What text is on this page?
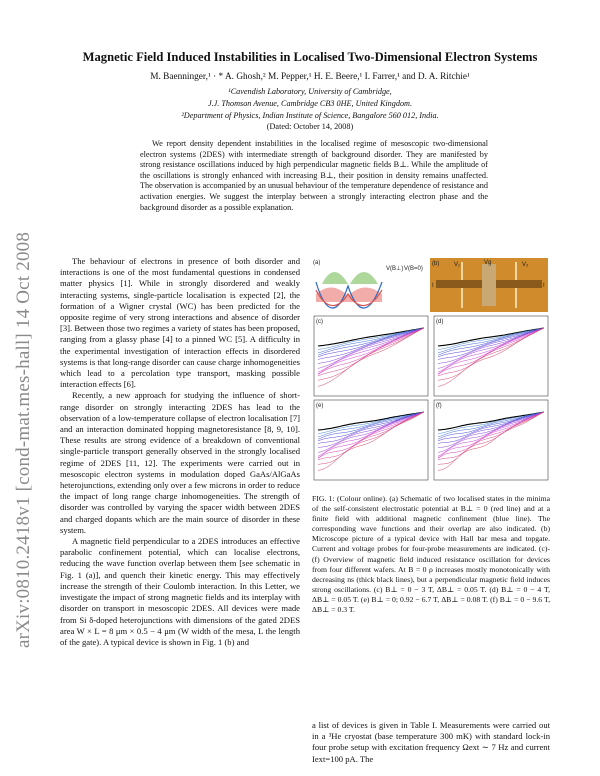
arXiv:0810.2418v1 [cond-mat.mes-hall] 14 Oct 2008
Magnetic Field Induced Instabilities in Localised Two-Dimensional Electron Systems
M. Baenninger,¹ · * A. Ghosh,² M. Pepper,¹ H. E. Beere,¹ I. Farrer,¹ and D. A. Ritchie¹
¹Cavendish Laboratory, University of Cambridge,
J.J. Thomson Avenue, Cambridge CB3 0HE, United Kingdom.
²Department of Physics, Indian Institute of Science, Bangalore 560 012, India.
(Dated: October 14, 2008)
We report density dependent instabilities in the localised regime of mesoscopic two-dimensional electron systems (2DES) with intermediate strength of background disorder. They are manifested by strong resistance oscillations induced by high perpendicular magnetic fields B⊥. While the amplitude of the oscillations is strongly enhanced with increasing B⊥, their position in density remains unaffected. The observation is accompanied by an unusual behaviour of the temperature dependence of resistance and activation energies. We suggest the interplay between a strongly interacting electron phase and the background disorder as a possible explanation.

The behaviour of electrons in presence of both disorder and interactions is one of the most fundamental questions in condensed matter physics [1]. While in strongly disordered and weakly interacting systems, single-particle localisation is expected [2], the formation of a Wigner crystal (WC) has been predicted for the opposite regime of very strong interactions and absence of disorder [3]. Between those two regimes a variety of states has been proposed, ranging from a glassy phase [4] to a pinned WC [5]. A difficulty in the experimental investigation of interaction effects in disordered systems is that long-range disorder can cause charge inhomogeneities which lead to a percolation type transport, masking possible interaction effects [6].

Recently, a new approach for studying the influence of short-range disorder on strongly interacting 2DES has lead to the observation of a low-temperature collapse of electron localisation [7] and an interaction dominated hopping magnetoresistance [8, 9, 10]. These results are strong evidence of a breakdown of conventional single-particle transport generally observed in the strongly localised regime of 2DES [11, 12]. The experiments were carried out in mesoscopic electron systems in modulation doped GaAs/AlGaAs heterojunctions, extending only over a few microns in order to reduce the impact of long range charge inhomogeneities. The strength of disorder was controlled by varying the spacer width between 2DES and charged dopants which are the main source of disorder in these system.

A magnetic field perpendicular to a 2DES introduces an effective parabolic confinement potential, which can localise electrons, reducing the wave function overlap between them [see schematic in Fig. 1 (a)], and quench their kinetic energy. This may effectively increase the strength of their Coulomb interaction. In this Letter, we investigate the impact of strong magnetic fields and its interplay with disorder on transport in mesoscopic 2DES. All devices were made from Si δ-doped heterojunctions with dimensions of the gated 2DES area W × L = 8 μm × 0.5 − 4 μm (W width of the mesa, L the length of the gate). A typical device is shown in Fig. 1 (b) and

(a)
V(B⊥) V(B=0)
(b) V₁	Vg	V₂
I	I
(c)	(d)
(e)	(f)
FIG. 1: (Colour online). (a) Schematic of two localised states in the minima of the self-consistent electrostatic potential at B⊥ = 0 (red line) and at a finite field with additional magnetic confinement (blue line). The corresponding wave functions and their overlap are also indicated. (b) Microscope picture of a typical device with Hall bar mesa and topgate. Current and voltage probes for four-probe measurements are indicated. (c)-(f) Overview of magnetic field induced resistance oscillation for devices from four different wafers. At B = 0 ρ increases mostly monotonically with decreasing ns (thick black lines), but a perpendicular magnetic field induces strong oscillations. (c) B⊥ = 0 − 3 T, ΔB⊥ = 0.05 T. (d) B⊥ = 0 − 4 T, ΔB⊥ = 0.05 T. (e) B⊥ = 0; 0.92 − 6.7 T, ΔB⊥ = 0.08 T. (f) B⊥ = 0 − 9.6 T, ΔB⊥ = 0.3 T.

a list of devices is given in Table I. Measurements were carried out in a ³He cryostat (base temperature 300 mK) with standard lock-in four probe setup with excitation frequency Ωext ∼ 7 Hz and current Iext=100 pA. The
